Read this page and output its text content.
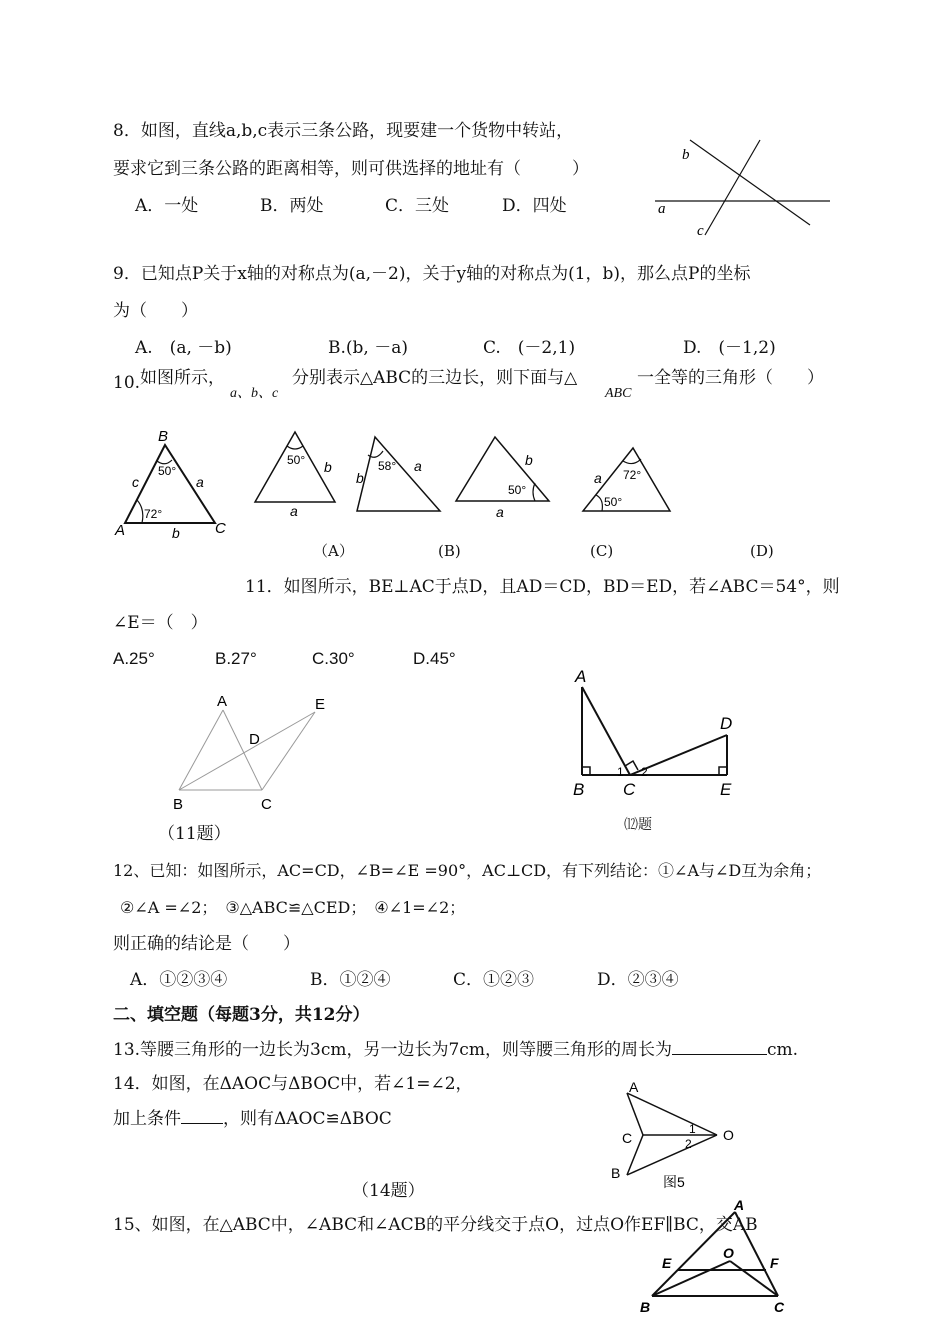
8．如图，直线a,b,c表示三条公路，现要建一个货物中转站，
要求它到三条公路的距离相等，则可供选择的地址有（　　　）
A．一处	B．两处	C．三处	D．四处	a
b
c
9．已知点P关于x轴的对称点为(a,－2)，关于y轴的对称点为(1，b)，那么点P的坐标
为（　　）
A.　(a, －b)	B.(b, －a)	C.　(－2,1)	D.　(－1,2)
10. 如图所示，
a、b、c
分别表示△ABC的三边长，则下面与△
ABC
一全等的三角形（　　）
B
A	C
c	a
b
50°
72°
50° b
a
58°
b
a
50°
b
a
72°
50°
a
（A）	(B)	(C)	(D)
11．如图所示，BE⊥AC于点D，且AD＝CD，BD＝ED，若∠ABC＝54°，则
∠E＝（　）
A.25°	B.27°	C.30°	D.45°
A	E
D
B	C
（11题）
A
D
B C	E
1 2
⑿题
12、已知：如图所示，AC=CD，∠B=∠E =90°，AC⊥CD，有下列结论：①∠A与∠D互为余角；
②∠A =∠2；　③△ABC≌△CED；　④∠1=∠2；
则正确的结论是（　　）
A．①②③④	B．①②④	C．①②③	D．②③④
二、填空题（每题3分，共12分）
13.等腰三角形的一边长为3cm，另一边长为7cm，则等腰三角形的周长为	cm.
14．如图，在ΔAOC与ΔBOC中，若∠1=∠2，
加上条件 ，则有ΔAOC≌ΔBOC
（14题）
A
C
B
O
1
2
图5
15、如图，在△ABC中，∠ABC和∠ACB的平分线交于点O，过点O作EF∥BC，交AB
A
E
O
F
B	C
